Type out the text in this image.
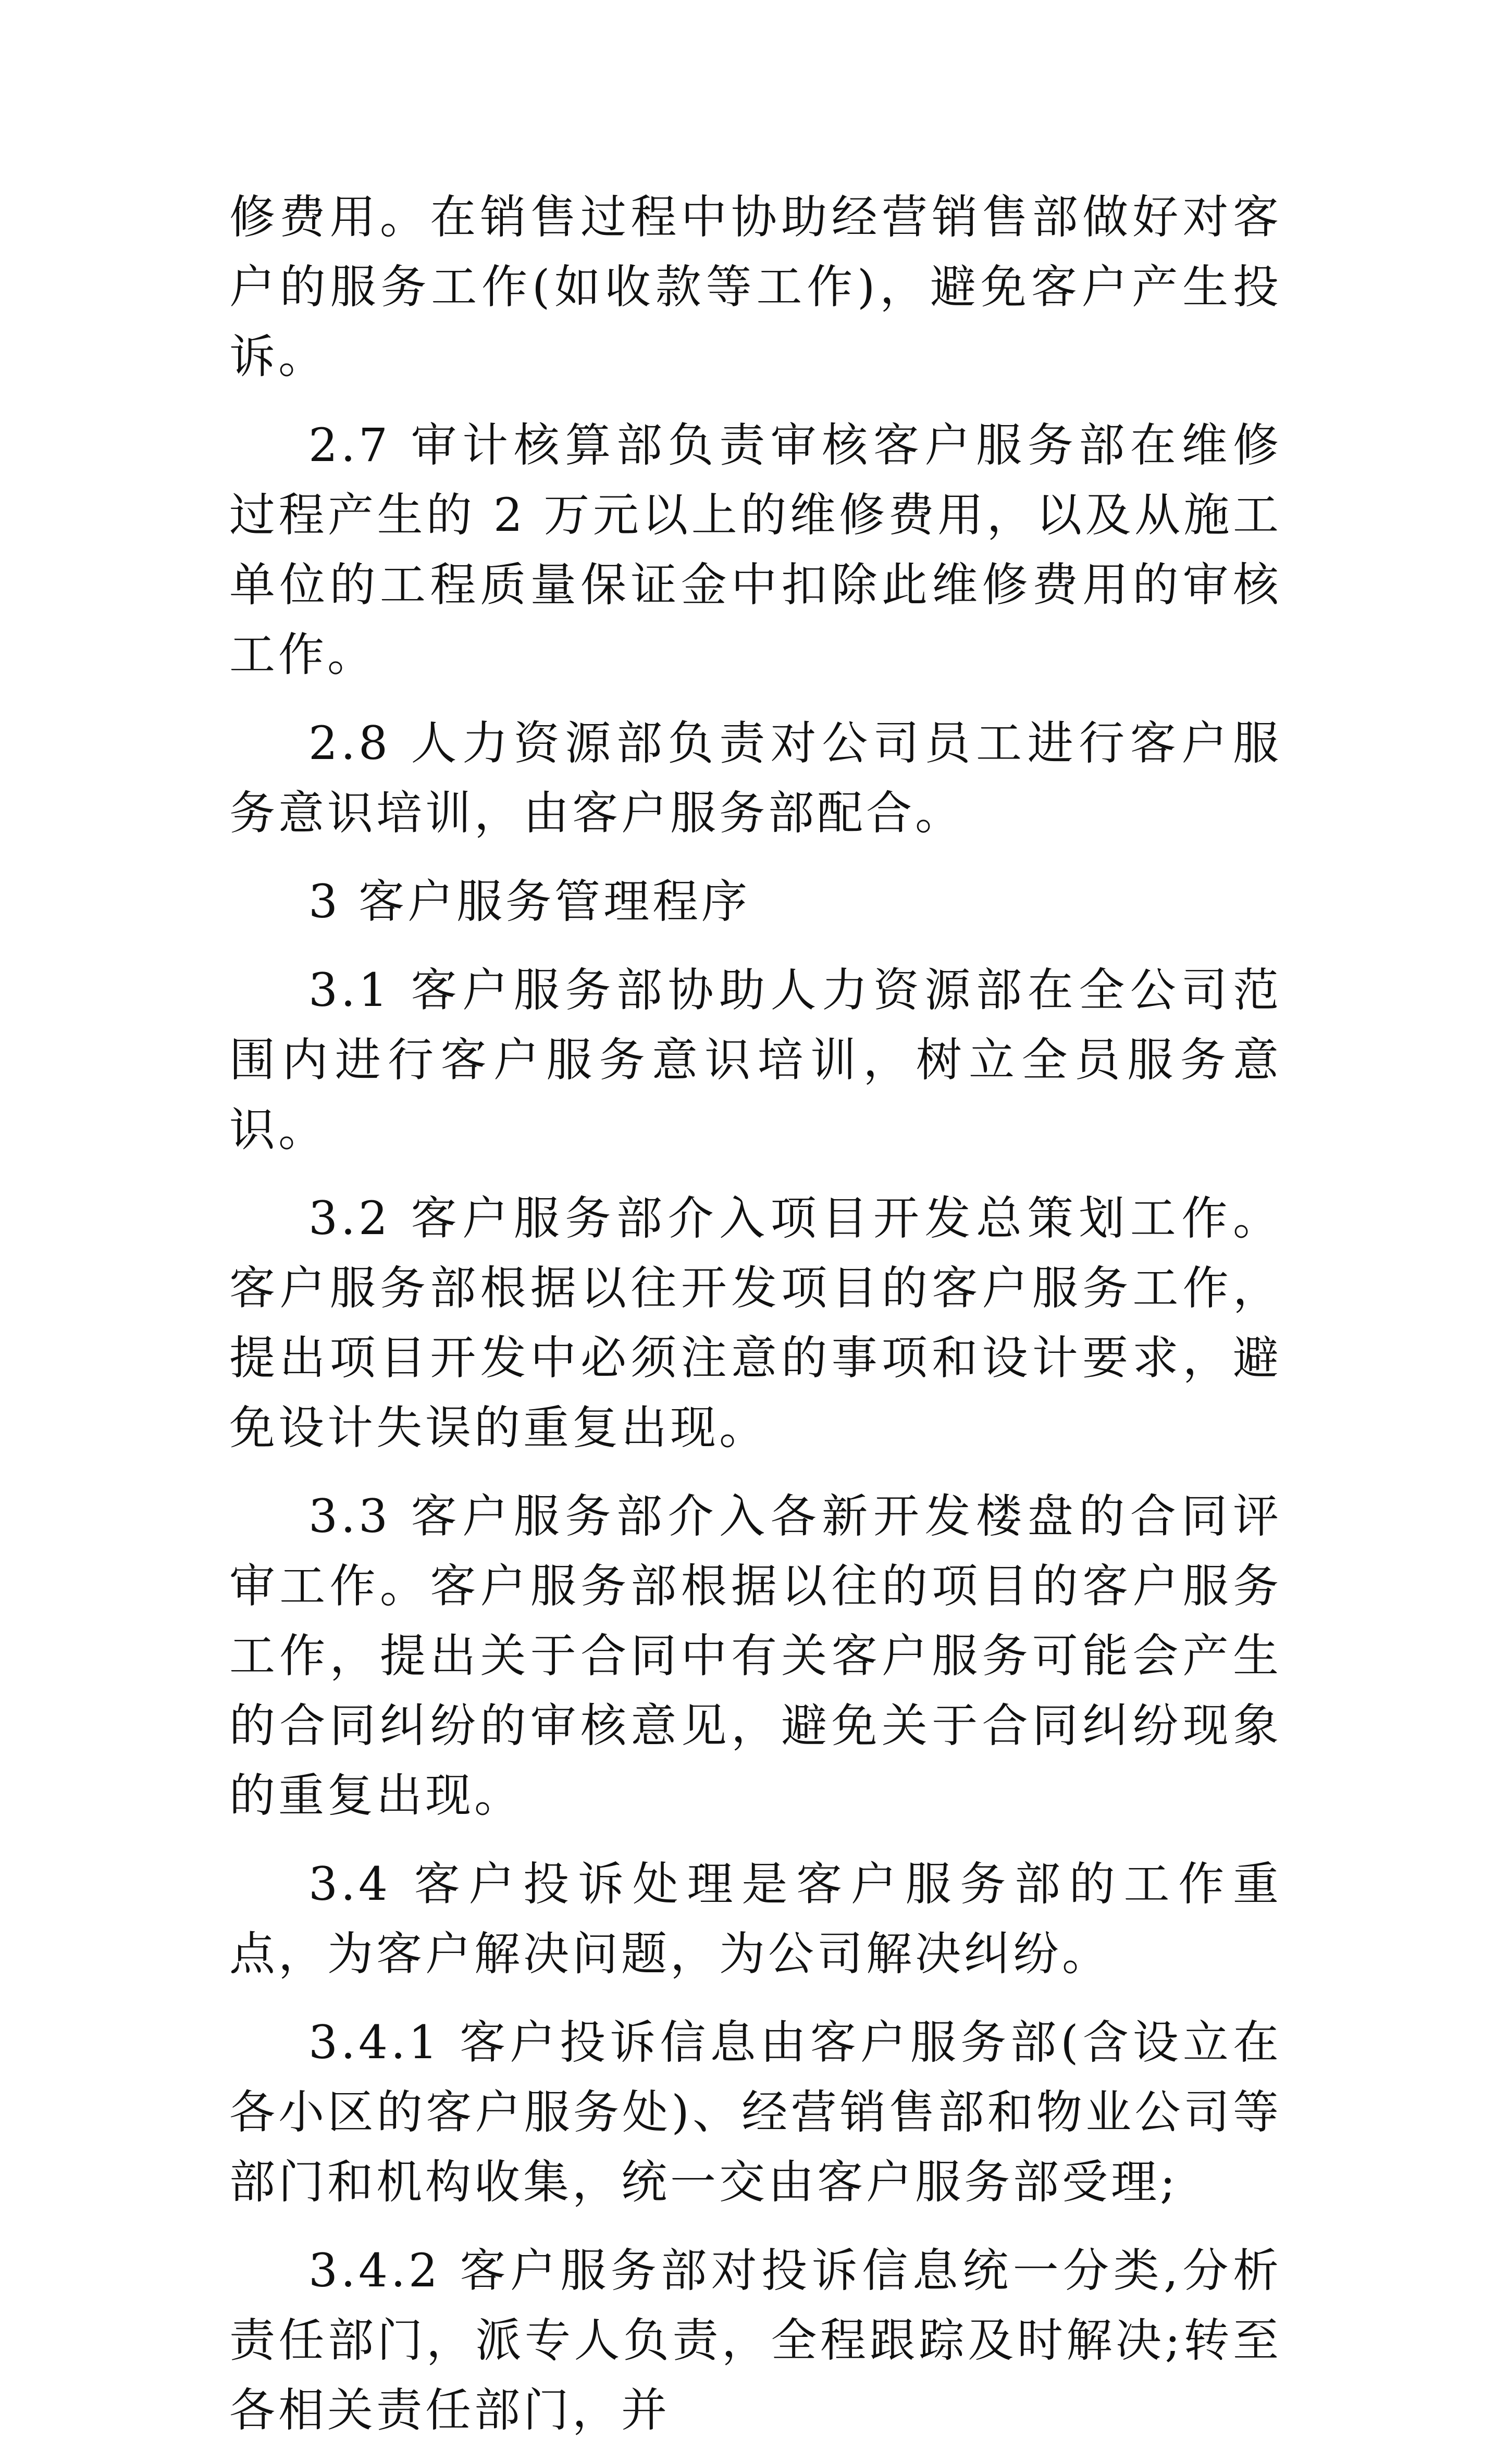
修费用。在销售过程中协助经营销售部做好对客户的服务工作(如收款等工作)，避免客户产生投诉。

2.7 审计核算部负责审核客户服务部在维修过程产生的 2 万元以上的维修费用，以及从施工单位的工程质量保证金中扣除此维修费用的审核工作。

2.8 人力资源部负责对公司员工进行客户服务意识培训，由客户服务部配合。

3 客户服务管理程序

3.1 客户服务部协助人力资源部在全公司范围内进行客户服务意识培训，树立全员服务意识。

3.2 客户服务部介入项目开发总策划工作。客户服务部根据以往开发项目的客户服务工作，提出项目开发中必须注意的事项和设计要求，避免设计失误的重复出现。

3.3 客户服务部介入各新开发楼盘的合同评审工作。客户服务部根据以往的项目的客户服务工作，提出关于合同中有关客户服务可能会产生的合同纠纷的审核意见，避免关于合同纠纷现象的重复出现。

3.4 客户投诉处理是客户服务部的工作重点，为客户解决问题，为公司解决纠纷。

3.4.1 客户投诉信息由客户服务部(含设立在各小区的客户服务处)、经营销售部和物业公司等部门和机构收集，统一交由客户服务部受理;

3.4.2 客户服务部对投诉信息统一分类,分析责任部门，派专人负责，全程跟踪及时解决;转至各相关责任部门，并
